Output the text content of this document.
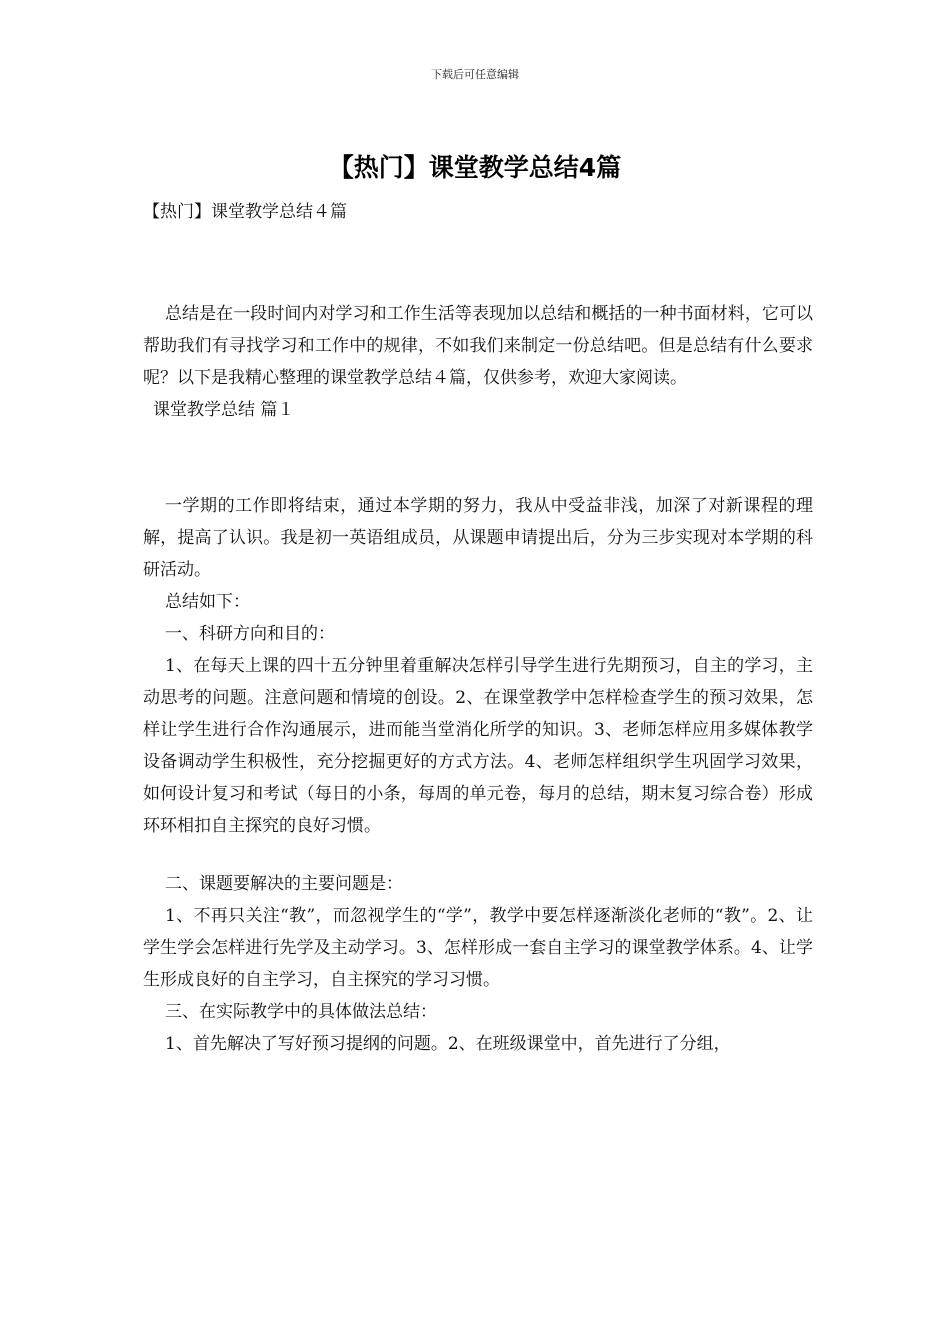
下载后可任意编辑
【热门】课堂教学总结4篇

【热门】课堂教学总结４篇

总结是在一段时间内对学习和工作生活等表现加以总结和概括的一种书面材料，它可以帮助我们有寻找学习和工作中的规律，不如我们来制定一份总结吧。但是总结有什么要求呢？以下是我精心整理的课堂教学总结４篇，仅供参考，欢迎大家阅读。

课堂教学总结 篇１

一学期的工作即将结束，通过本学期的努力，我从中受益非浅，加深了对新课程的理解，提高了认识。我是初一英语组成员，从课题申请提出后，分为三步实现对本学期的科研活动。

总结如下：

一、科研方向和目的：

1、在每天上课的四十五分钟里着重解决怎样引导学生进行先期预习，自主的学习，主动思考的问题。注意问题和情境的创设。2、在课堂教学中怎样检查学生的预习效果，怎样让学生进行合作沟通展示，进而能当堂消化所学的知识。3、老师怎样应用多媒体教学设备调动学生积极性，充分挖掘更好的方式方法。4、老师怎样组织学生巩固学习效果，如何设计复习和考试（每日的小条，每周的单元卷，每月的总结，期末复习综合卷）形成环环相扣自主探究的良好习惯。

二、课题要解决的主要问题是：

1、不再只关注“教”，而忽视学生的“学”，教学中要怎样逐渐淡化老师的“教”。2、让学生学会怎样进行先学及主动学习。3、怎样形成一套自主学习的课堂教学体系。4、让学生形成良好的自主学习，自主探究的学习习惯。

三、在实际教学中的具体做法总结：

1、首先解决了写好预习提纲的问题。2、在班级课堂中，首先进行了分组，
